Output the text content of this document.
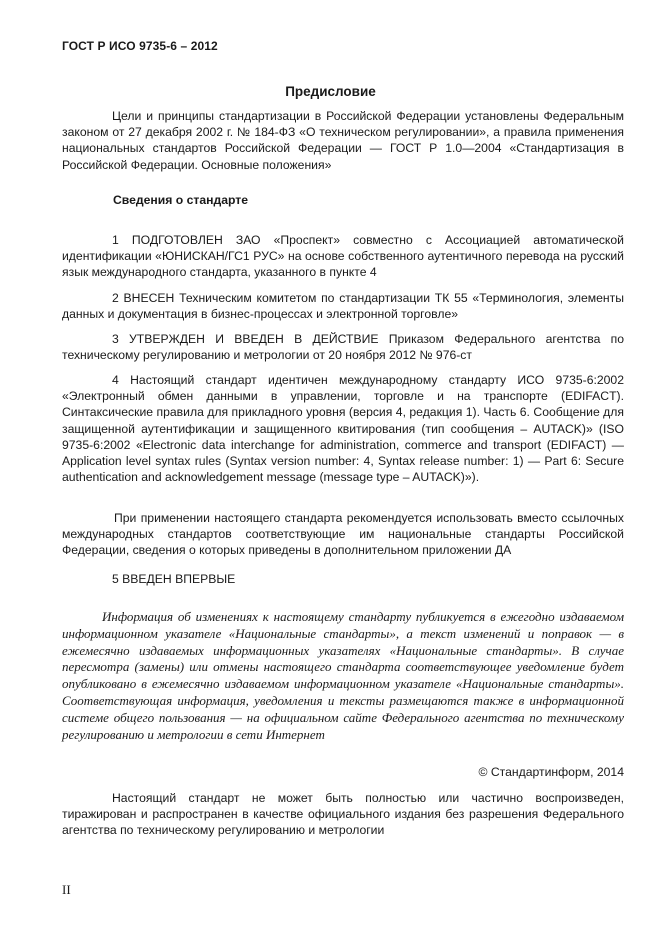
ГОСТ Р ИСО 9735-6 – 2012
Предисловие

Цели и принципы стандартизации в Российской Федерации установлены Федеральным законом от 27 декабря 2002 г. № 184-ФЗ «О техническом регулировании», а правила применения национальных стандартов Российской Федерации — ГОСТ Р 1.0—2004 «Стандартизация в Российской Федерации. Основные положения»

Сведения о стандарте

1 ПОДГОТОВЛЕН ЗАО «Проспект» совместно с Ассоциацией автоматической идентификации «ЮНИСКАН/ГС1 РУС» на основе собственного аутентичного перевода на русский язык международного стандарта, указанного в пункте 4

2 ВНЕСЕН Техническим комитетом по стандартизации ТК 55 «Терминология, элементы данных и документация в бизнес-процессах и электронной торговле»

3 УТВЕРЖДЕН И ВВЕДЕН В ДЕЙСТВИЕ Приказом Федерального агентства по техническому регулированию и метрологии от 20 ноября 2012 № 976-ст

4 Настоящий стандарт идентичен международному стандарту ИСО 9735-6:2002 «Электронный обмен данными в управлении, торговле и на транспорте (EDIFACT). Синтаксические правила для прикладного уровня (версия 4, редакция 1). Часть 6. Сообщение для защищенной аутентификации и защищенного квитирования (тип сообщения – AUTACK)» (ISO 9735-6:2002 «Electronic data interchange for administration, commerce and transport (EDIFACT) — Application level syntax rules (Syntax version number: 4, Syntax release number: 1) — Part 6: Secure authentication and acknowledgement message (message type – AUTACK)»).

При применении настоящего стандарта рекомендуется использовать вместо ссылочных международных стандартов соответствующие им национальные стандарты Российской Федерации, сведения о которых приведены в дополнительном приложении ДА

5 ВВЕДЕН ВПЕРВЫЕ

Информация об изменениях к настоящему стандарту публикуется в ежегодно издаваемом информационном указателе «Национальные стандарты», а текст изменений и поправок — в ежемесячно издаваемых информационных указателях «Национальные стандарты». В случае пересмотра (замены) или отмены настоящего стандарта соответствующее уведомление будет опубликовано в ежемесячно издаваемом информационном указателе «Национальные стандарты». Соответствующая информация, уведомления и тексты размещаются также в информационной системе общего пользования — на официальном сайте Федерального агентства по техническому регулированию и метрологии в сети Интернет

© Стандартинформ, 2014

Настоящий стандарт не может быть полностью или частично воспроизведен, тиражирован и распространен в качестве официального издания без разрешения Федерального агентства по техническому регулированию и метрологии

II
